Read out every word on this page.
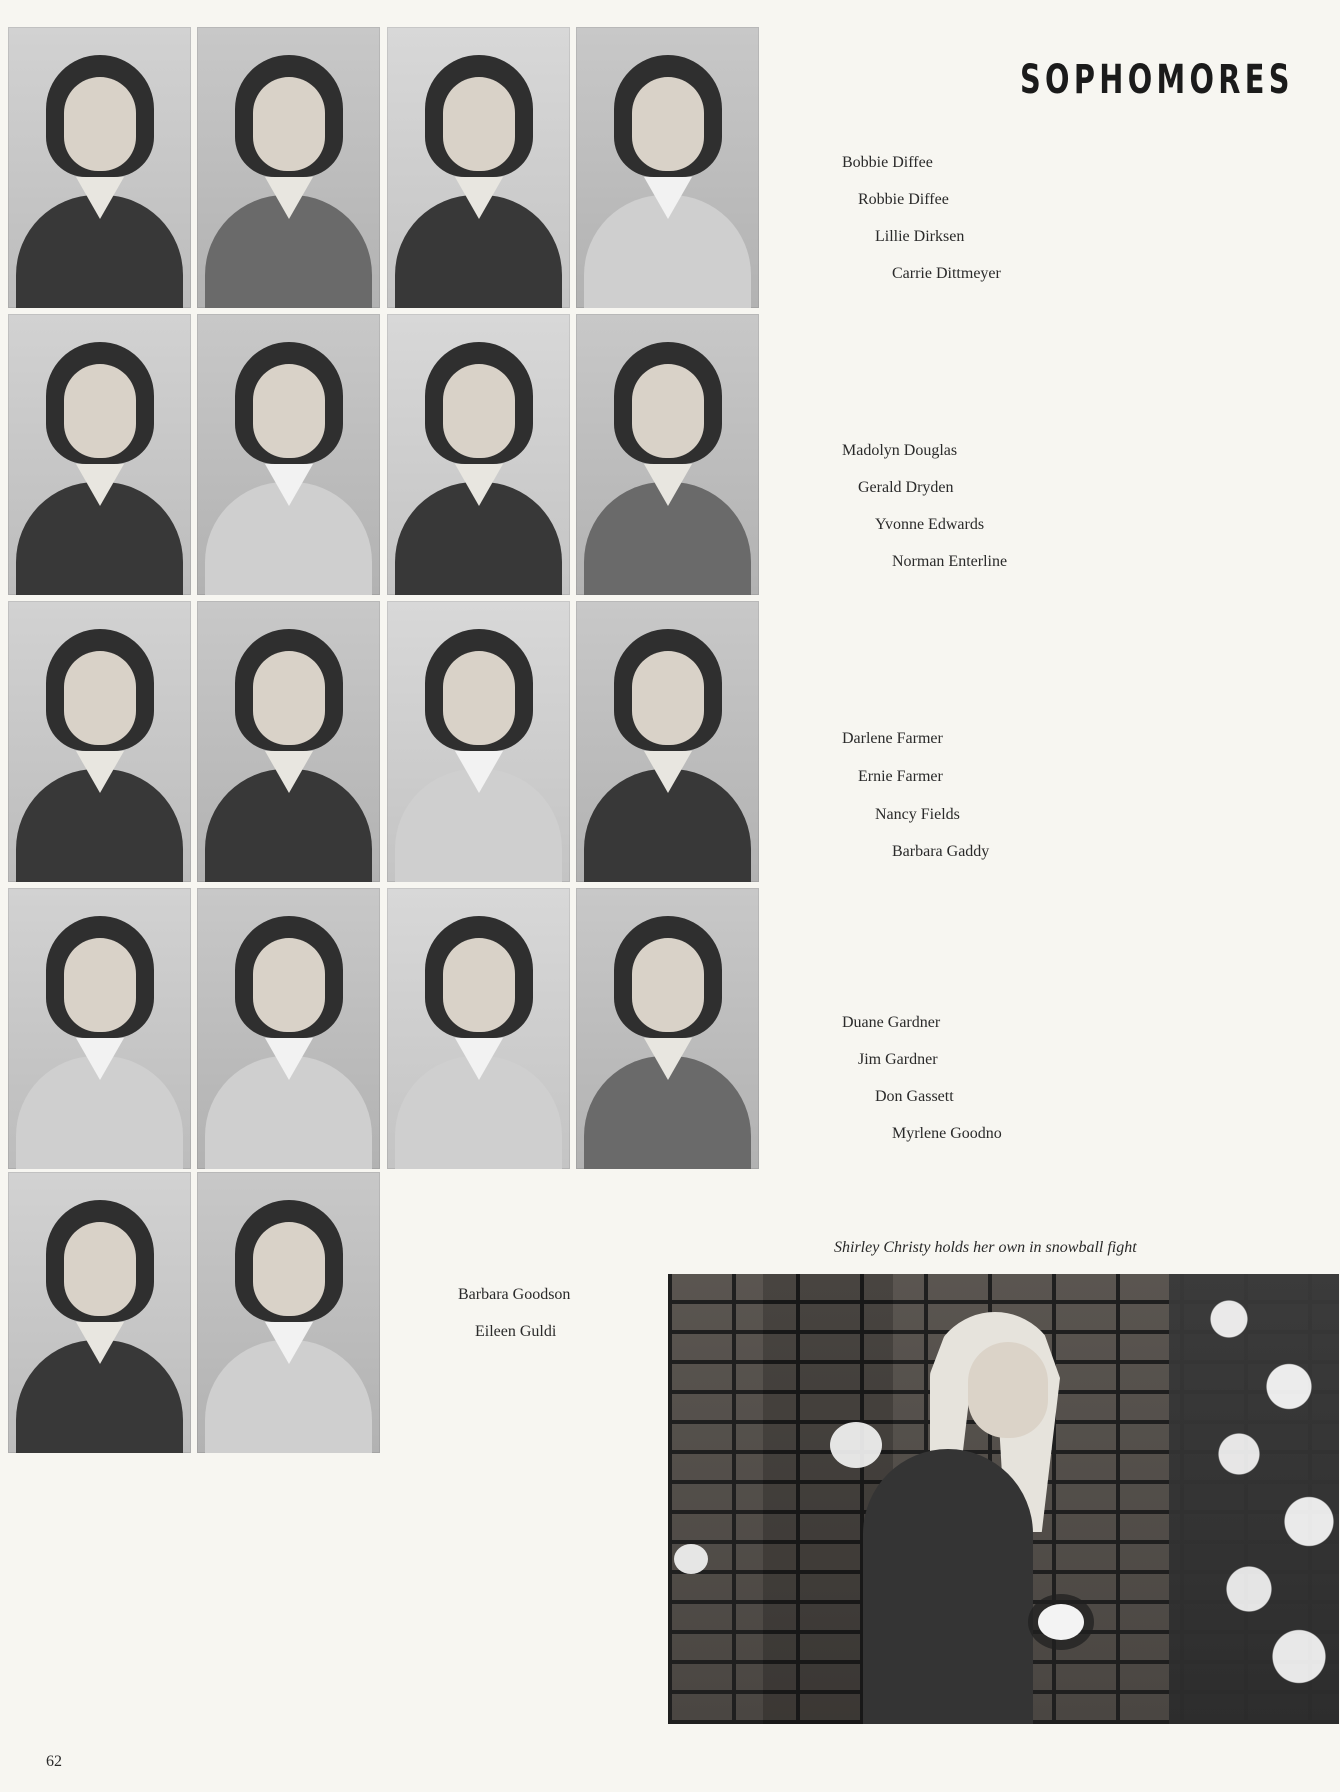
SOPHOMORES
Bobbie Diffee
Robbie Diffee
Lillie Dirksen
Carrie Dittmeyer
Madolyn Douglas
Gerald Dryden
Yvonne Edwards
Norman Enterline
Darlene Farmer
Ernie Farmer
Nancy Fields
Barbara Gaddy
Duane Gardner
Jim Gardner
Don Gassett
Myrlene Goodno
Barbara Goodson
Eileen Guldi
Shirley Christy holds her own in snowball fight
62
